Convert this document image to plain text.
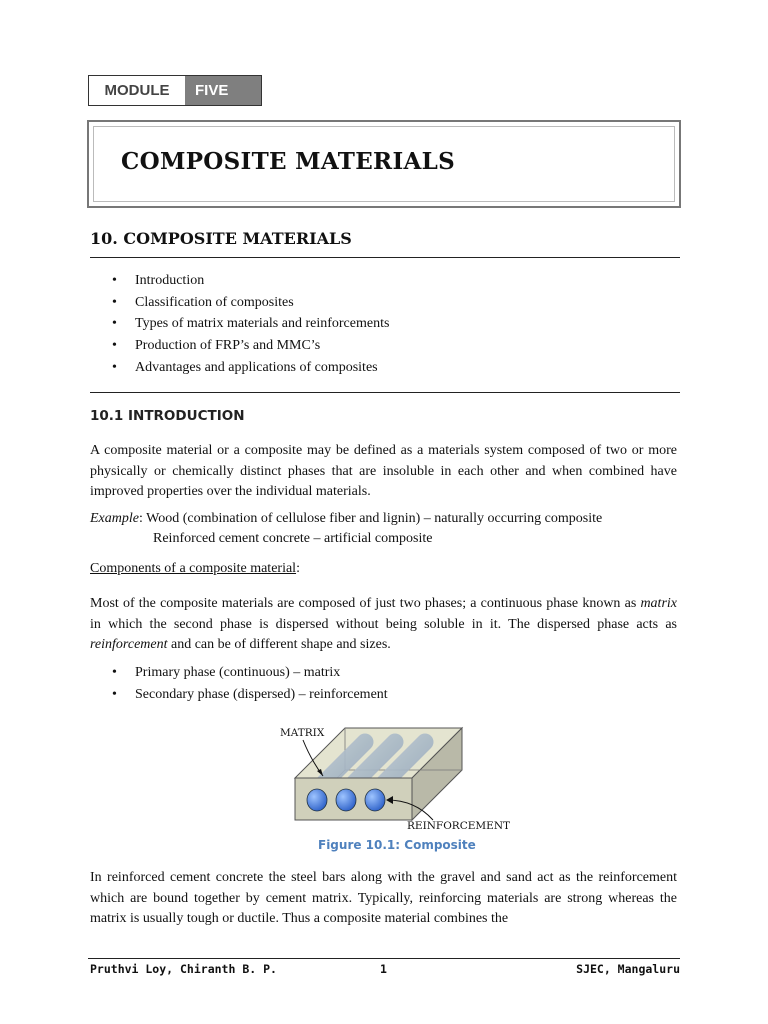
MODULE	FIVE
COMPOSITE MATERIALS
10. COMPOSITE MATERIALS
• Introduction
• Classification of composites
• Types of matrix materials and reinforcements
• Production of FRP’s and MMC’s
• Advantages and applications of composites
10.1 INTRODUCTION
A composite material or a composite may be defined as a materials system composed of two or more physically or chemically distinct phases that are insoluble in each other and when combined have improved properties over the individual materials.
Example: Wood (combination of cellulose fiber and lignin) – naturally occurring composite
Reinforced cement concrete – artificial composite
Components of a composite material:
Most of the composite materials are composed of just two phases; a continuous phase known as matrix in which the second phase is dispersed without being soluble in it. The dispersed phase acts as reinforcement and can be of different shape and sizes.
• Primary phase (continuous) – matrix
• Secondary phase (dispersed) – reinforcement
MATRIX
REINFORCEMENT
Figure 10.1: Composite
In reinforced cement concrete the steel bars along with the gravel and sand act as the reinforcement which are bound together by cement matrix. Typically, reinforcing materials are strong whereas the matrix is usually tough or ductile. Thus a composite material combines the
Pruthvi Loy, Chiranth B. P.	1	SJEC, Mangaluru
